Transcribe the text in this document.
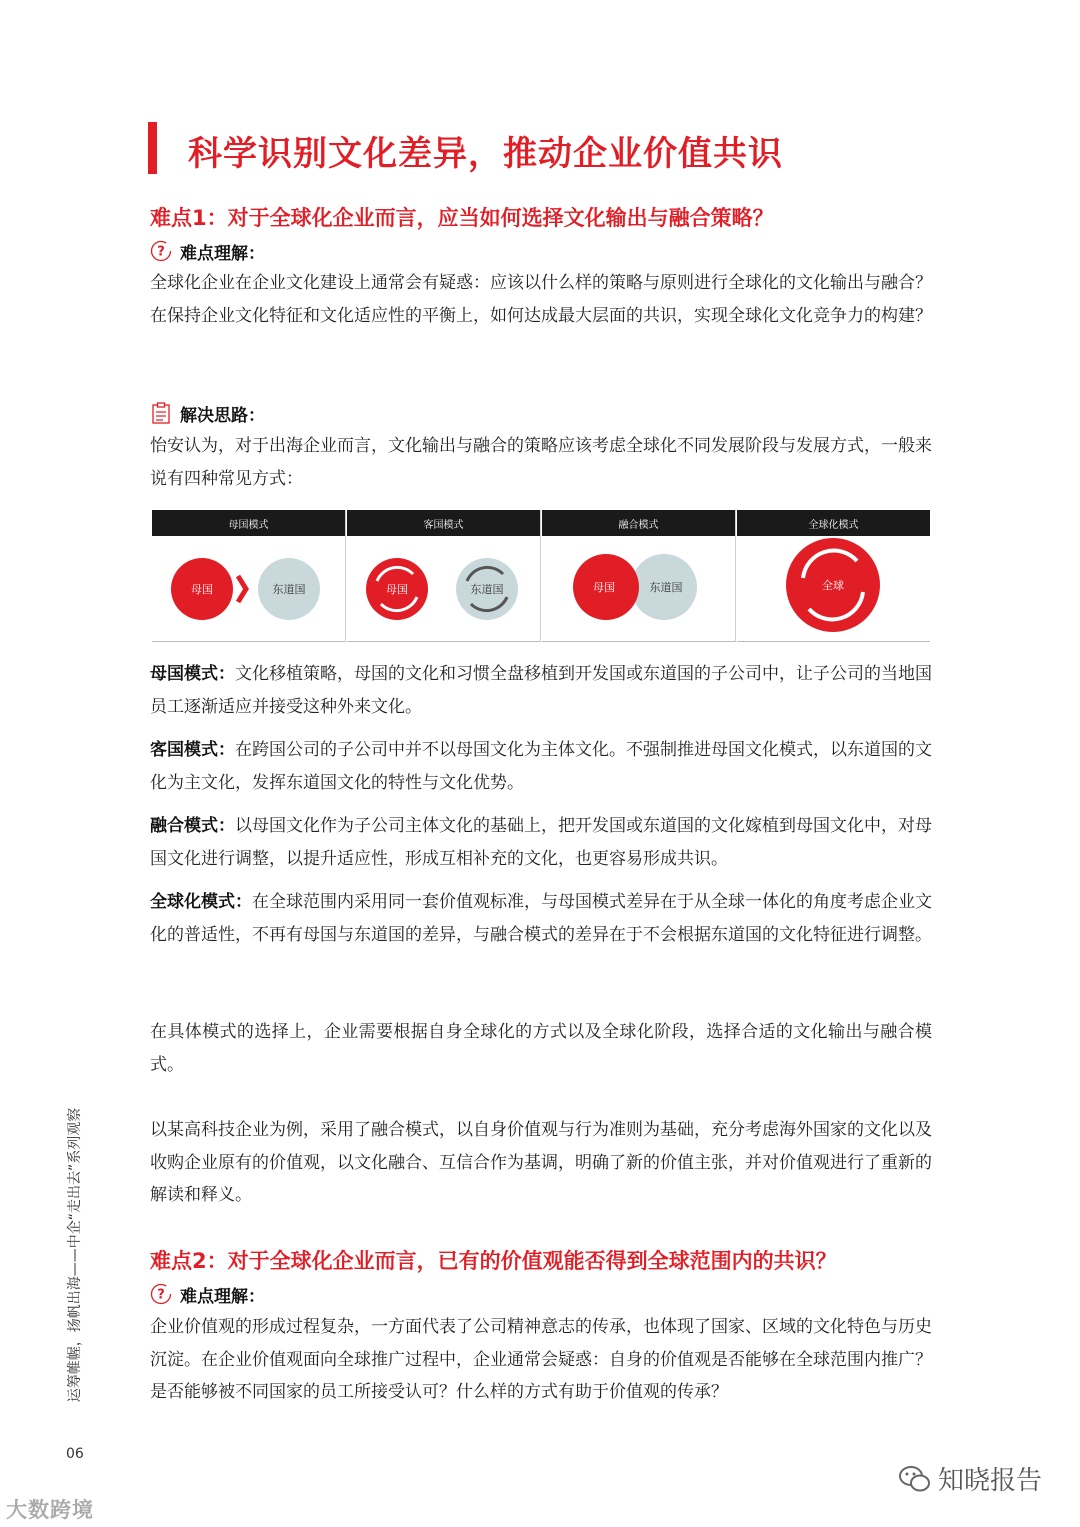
科学识别文化差异，推动企业价值共识
难点1：对于全球化企业而言，应当如何选择文化输出与融合策略？
? 难点理解：
全球化企业在企业文化建设上通常会有疑惑：应该以什么样的策略与原则进行全球化的文化输出与融合？在保持企业文化特征和文化适应性的平衡上，如何达成最大层面的共识，实现全球化文化竞争力的构建？
解决思路：
怡安认为，对于出海企业而言，文化输出与融合的策略应该考虑全球化不同发展阶段与发展方式，一般来说有四种常见方式：
母国模式
母国	东道国
客国模式
母国	东道国
融合模式
母国	东道国
全球化模式
全球
母国模式：文化移植策略，母国的文化和习惯全盘移植到开发国或东道国的子公司中，让子公司的当地国员工逐渐适应并接受这种外来文化。
客国模式：在跨国公司的子公司中并不以母国文化为主体文化。不强制推进母国文化模式，以东道国的文化为主文化，发挥东道国文化的特性与文化优势。
融合模式：以母国文化作为子公司主体文化的基础上，把开发国或东道国的文化嫁植到母国文化中，对母国文化进行调整，以提升适应性，形成互相补充的文化，也更容易形成共识。
全球化模式：在全球范围内采用同一套价值观标准，与母国模式差异在于从全球一体化的角度考虑企业文化的普适性，不再有母国与东道国的差异，与融合模式的差异在于不会根据东道国的文化特征进行调整。
在具体模式的选择上，企业需要根据自身全球化的方式以及全球化阶段，选择合适的文化输出与融合模式。
以某高科技企业为例，采用了融合模式，以自身价值观与行为准则为基础，充分考虑海外国家的文化以及收购企业原有的价值观，以文化融合、互信合作为基调，明确了新的价值主张，并对价值观进行了重新的解读和释义。
难点2：对于全球化企业而言，已有的价值观能否得到全球范围内的共识？
? 难点理解：
企业价值观的形成过程复杂，一方面代表了公司精神意志的传承，也体现了国家、区域的文化特色与历史沉淀。在企业价值观面向全球推广过程中，企业通常会疑惑：自身的价值观是否能够在全球范围内推广？是否能够被不同国家的员工所接受认可？什么样的方式有助于价值观的传承？
运筹帷幄，扬帆出海——中企“走出去”系列观察
06
大数跨境
知晓报告
